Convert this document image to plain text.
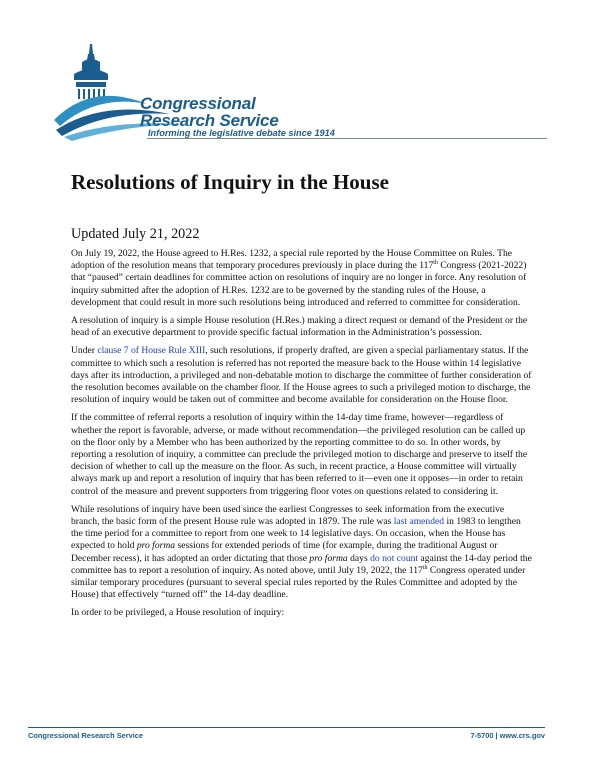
Congressional
Research Service
Informing the legislative debate since 1914
Resolutions of Inquiry in the House
Updated July 21, 2022

On July 19, 2022, the House agreed to H.Res. 1232, a special rule reported by the House Committee on Rules. The adoption of the resolution means that temporary procedures previously in place during the 117th Congress (2021-2022) that “paused” certain deadlines for committee action on resolutions of inquiry are no longer in force. Any resolution of inquiry submitted after the adoption of H.Res. 1232 are to be governed by the standing rules of the House, a development that could result in more such resolutions being introduced and referred to committee for consideration.

A resolution of inquiry is a simple House resolution (H.Res.) making a direct request or demand of the President or the head of an executive department to provide specific factual information in the Administration’s possession.

Under clause 7 of House Rule XIII, such resolutions, if properly drafted, are given a special parliamentary status. If the committee to which such a resolution is referred has not reported the measure back to the House within 14 legislative days after its introduction, a privileged and non-debatable motion to discharge the committee of further consideration of the resolution becomes available on the chamber floor. If the House agrees to such a privileged motion to discharge, the resolution of inquiry would be taken out of committee and become available for consideration on the House floor.

If the committee of referral reports a resolution of inquiry within the 14-day time frame, however—regardless of whether the report is favorable, adverse, or made without recommendation—the privileged resolution can be called up on the floor only by a Member who has been authorized by the reporting committee to do so. In other words, by reporting a resolution of inquiry, a committee can preclude the privileged motion to discharge and preserve to itself the decision of whether to call up the measure on the floor. As such, in recent practice, a House committee will virtually always mark up and report a resolution of inquiry that has been referred to it—even one it opposes—in order to retain control of the measure and prevent supporters from triggering floor votes on questions related to considering it.

While resolutions of inquiry have been used since the earliest Congresses to seek information from the executive branch, the basic form of the present House rule was adopted in 1879. The rule was last amended in 1983 to lengthen the time period for a committee to report from one week to 14 legislative days. On occasion, when the House has expected to hold pro forma sessions for extended periods of time (for example, during the traditional August or December recess), it has adopted an order dictating that those pro forma days do not count against the 14-day period the committee has to report a resolution of inquiry. As noted above, until July 19, 2022, the 117th Congress operated under similar temporary procedures (pursuant to several special rules reported by the Rules Committee and adopted by the House) that effectively “turned off” the 14-day deadline.

In order to be privileged, a House resolution of inquiry:

Congressional Research Service	7-5700 | www.crs.gov
